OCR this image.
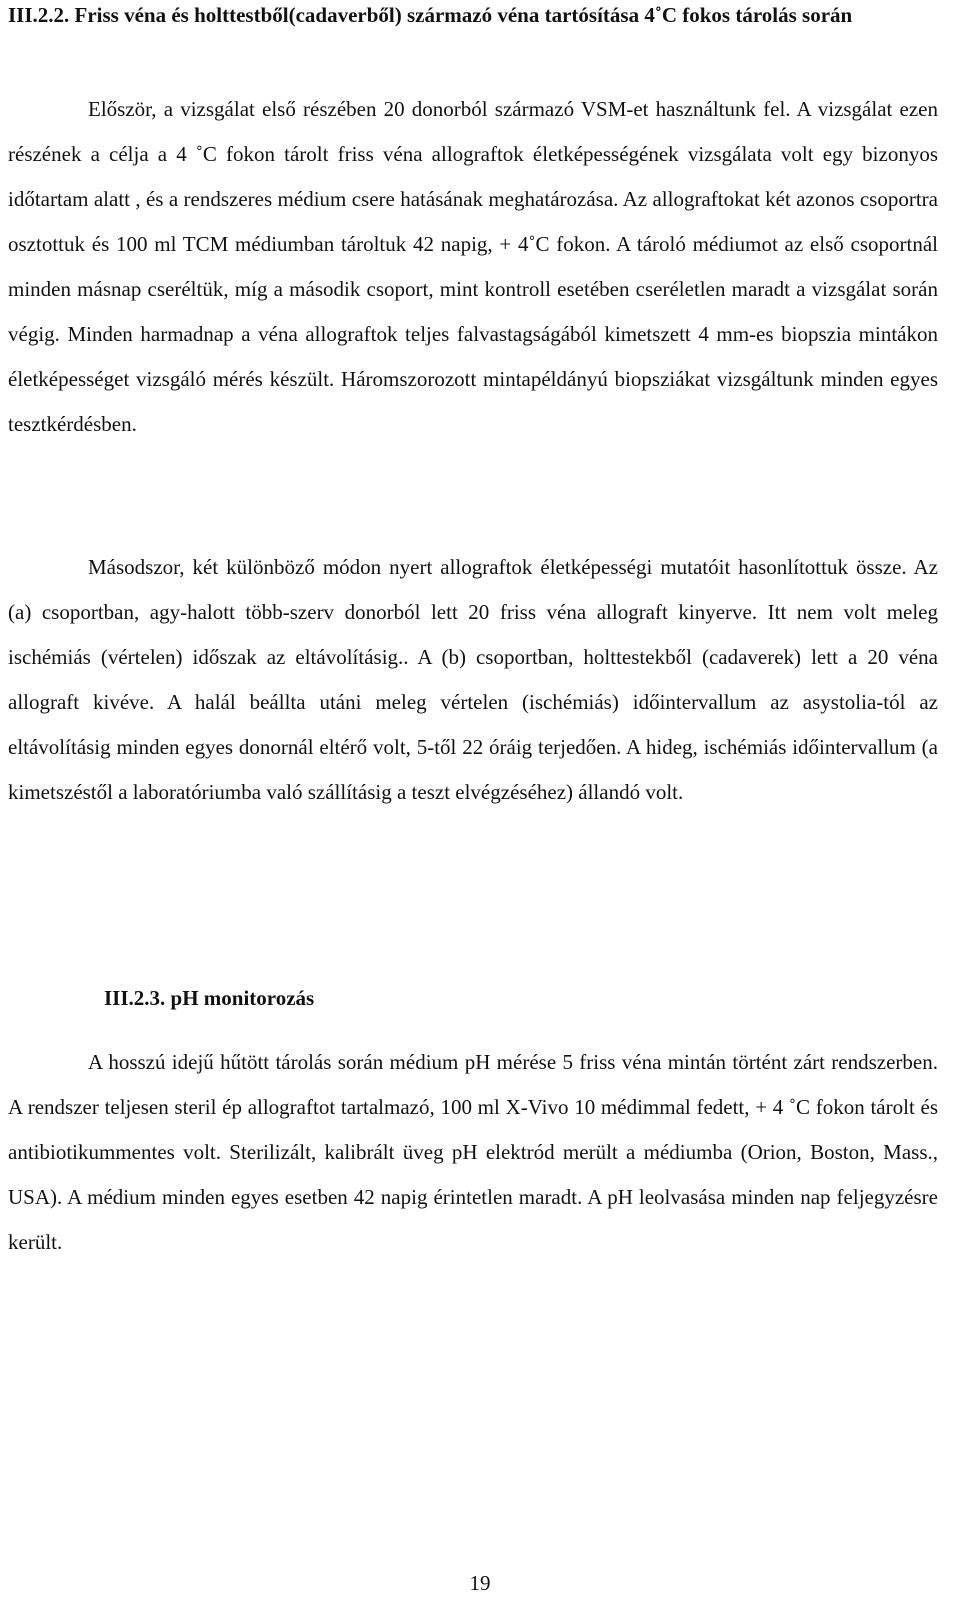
III.2.2. Friss véna és holttestből(cadaverből) származó véna tartósítása 4˚C fokos tárolás során

Először, a vizsgálat első részében 20 donorból származó VSM-et használtunk fel. A vizsgálat ezen részének a célja a 4 ˚C fokon tárolt friss véna allograftok életképességének vizsgálata volt egy bizonyos időtartam alatt , és a rendszeres médium csere hatásának meghatározása. Az allograftokat két azonos csoportra osztottuk és 100 ml TCM médiumban tároltuk 42 napig, + 4˚C fokon. A tároló médiumot az első csoportnál minden másnap cseréltük, míg a második csoport, mint kontroll esetében cseréletlen maradt a vizsgálat során végig. Minden harmadnap a véna allograftok teljes falvastagságából kimetszett 4 mm-es biopszia mintákon életképességet vizsgáló mérés készült. Háromszorozott mintapéldányú biopsziákat vizsgáltunk minden egyes tesztkérdésben.

Másodszor, két különböző módon nyert allograftok életképességi mutatóit hasonlítottuk össze. Az (a) csoportban, agy-halott több-szerv donorból lett 20 friss véna allograft kinyerve. Itt nem volt meleg ischémiás (vértelen) időszak az eltávolításig.. A (b) csoportban, holttestekből (cadaverek) lett a 20 véna allograft kivéve. A halál beállta utáni meleg vértelen (ischémiás) időintervallum az asystolia-tól az eltávolításig minden egyes donornál eltérő volt, 5-től 22 óráig terjedően. A hideg, ischémiás időintervallum (a kimetszéstől a laboratóriumba való szállításig a teszt elvégzéséhez) állandó volt.

III.2.3. pH monitorozás

A hosszú idejű hűtött tárolás során médium pH mérése 5 friss véna mintán történt zárt rendszerben. A rendszer teljesen steril ép allograftot tartalmazó, 100 ml X-Vivo 10 médimmal fedett, + 4 ˚C fokon tárolt és antibiotikummentes volt. Sterilizált, kalibrált üveg pH elektród merült a médiumba (Orion, Boston, Mass., USA). A médium minden egyes esetben 42 napig érintetlen maradt. A pH leolvasása minden nap feljegyzésre került.

19
